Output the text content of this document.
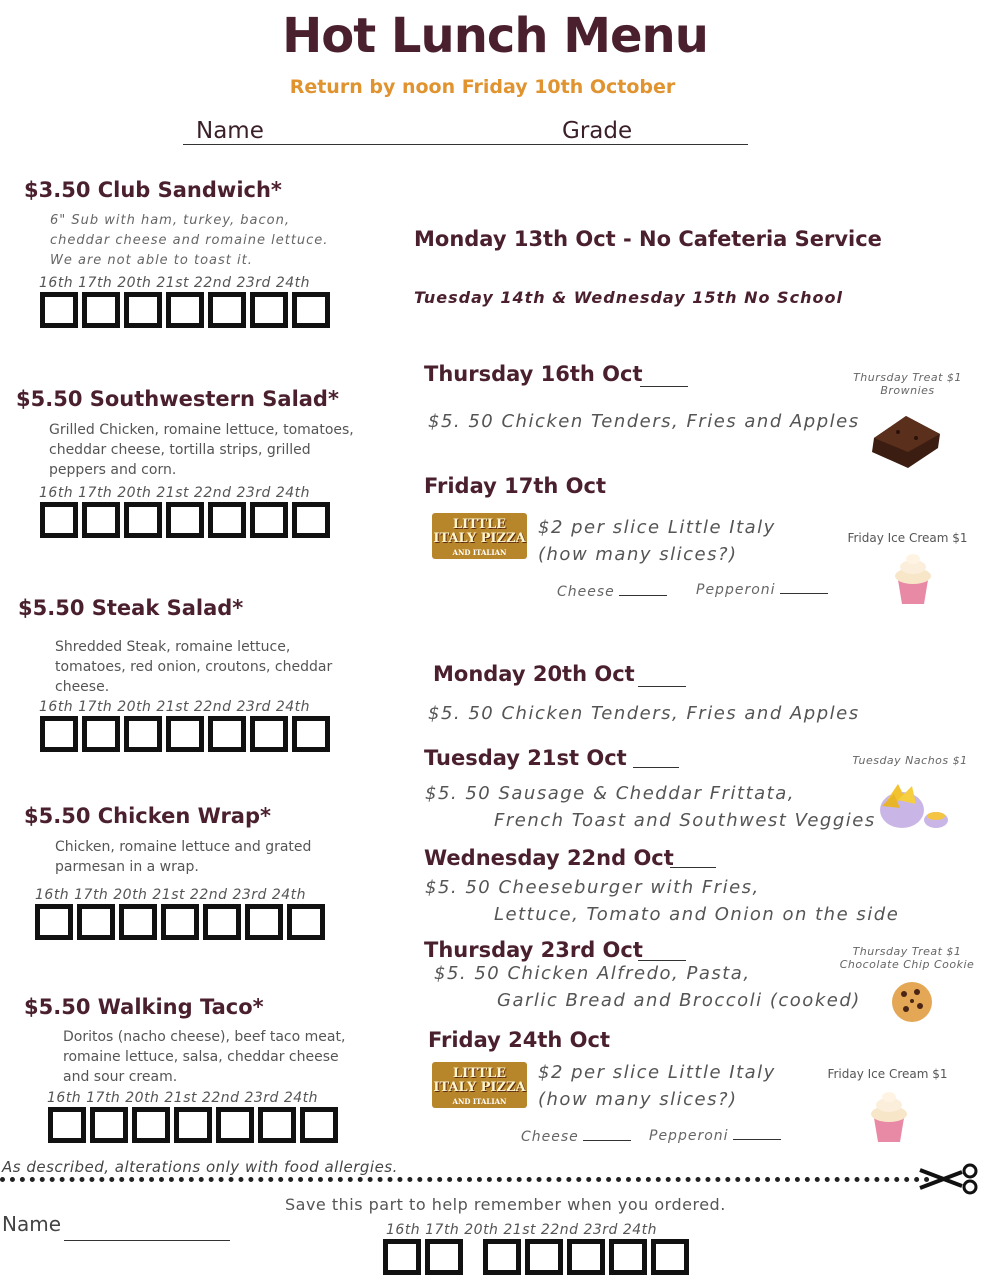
Hot Lunch Menu
Return by noon Friday 10th October
Name	Grade
$3.50 Club Sandwich*
6" Sub with ham, turkey, bacon, cheddar cheese and romaine lettuce. We are not able to toast it.
16th 17th 20th 21st 22nd 23rd 24th
$5.50 Southwestern Salad*
Grilled Chicken, romaine lettuce, tomatoes, cheddar cheese, tortilla strips, grilled peppers and corn.
16th 17th 20th 21st 22nd 23rd 24th
$5.50 Steak Salad*
Shredded Steak, romaine lettuce, tomatoes, red onion, croutons, cheddar cheese.
16th 17th 20th 21st 22nd 23rd 24th
$5.50 Chicken Wrap*
Chicken, romaine lettuce and grated parmesan in a wrap.
16th 17th 20th 21st 22nd 23rd 24th
$5.50 Walking Taco*
Doritos (nacho cheese), beef taco meat, romaine lettuce, salsa, cheddar cheese and sour cream.
16th 17th 20th 21st 22nd 23rd 24th
Monday 13th Oct - No Cafeteria Service
Tuesday 14th & Wednesday 15th No School
Thursday 16th Oct
$5. 50 Chicken Tenders, Fries and Apples
Thursday Treat $1
Brownies
Friday 17th Oct
LITTLE ITALY PIZZA
AND ITALIAN RESTAURANT
$2 per slice Little Italy
(how many slices?)
Cheese	Pepperoni
Friday Ice Cream $1
Monday 20th Oct
$5. 50 Chicken Tenders, Fries and Apples
Tuesday 21st Oct
$5. 50 Sausage & Cheddar Frittata,
French Toast and Southwest Veggies
Tuesday Nachos $1
Wednesday 22nd Oct
$5. 50 Cheeseburger with Fries,
Lettuce, Tomato and Onion on the side
Thursday 23rd Oct
$5. 50 Chicken Alfredo, Pasta,
Garlic Bread and Broccoli (cooked)
Thursday Treat $1
Chocolate Chip Cookie
Friday 24th Oct
LITTLE ITALY PIZZA
AND ITALIAN RESTAURANT
$2 per slice Little Italy
(how many slices?)
Cheese	Pepperoni
Friday Ice Cream $1
As described, alterations only with food allergies.
Save this part to help remember when you ordered.
Name	16th 17th 20th 21st 22nd 23rd 24th
